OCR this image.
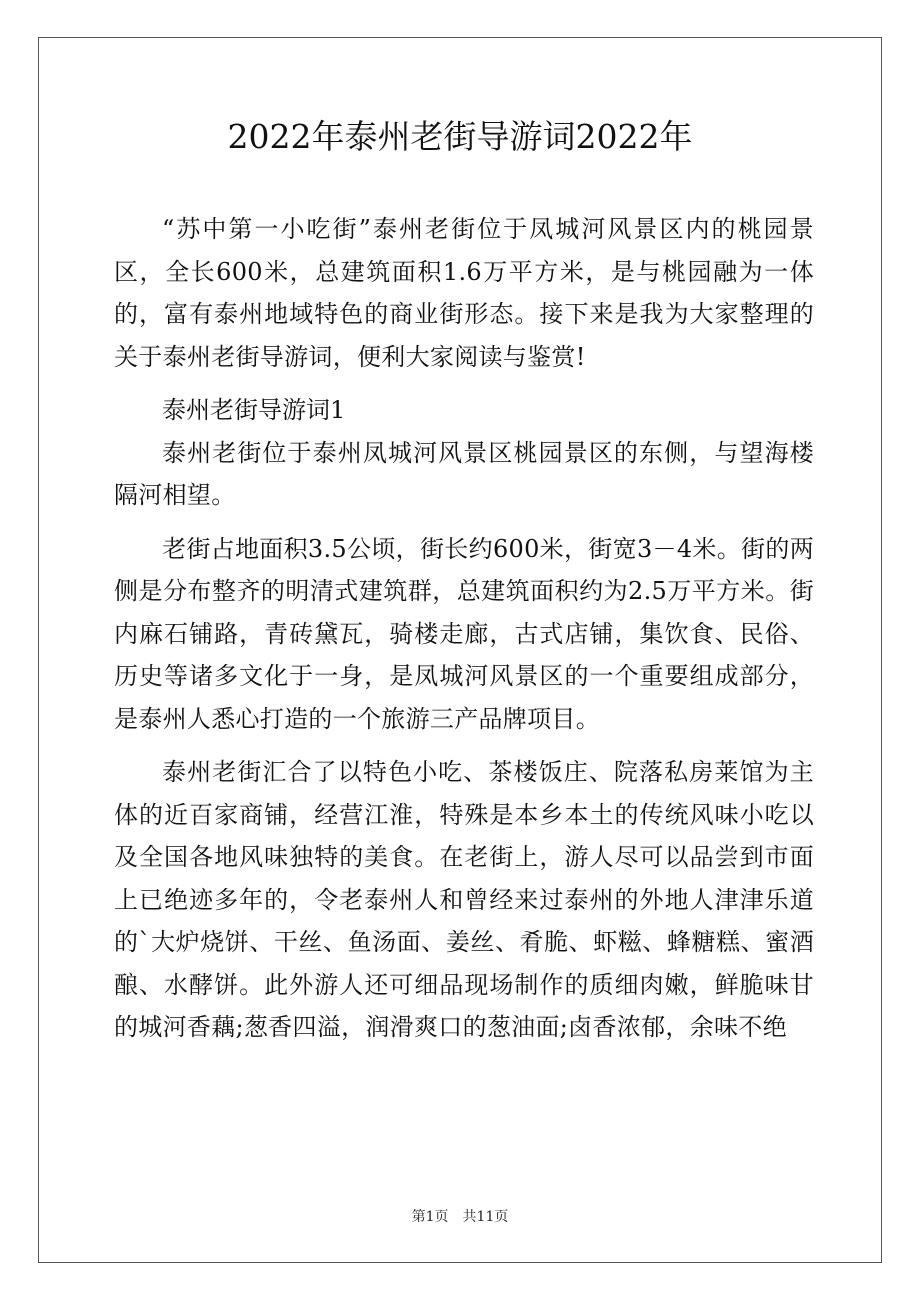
2022年泰州老街导游词2022年

“苏中第一小吃街”泰州老街位于凤城河风景区内的桃园景区，全长600米，总建筑面积1.6万平方米，是与桃园融为一体的，富有泰州地域特色的商业街形态。接下来是我为大家整理的关于泰州老街导游词，便利大家阅读与鉴赏!

泰州老街导游词1

泰州老街位于泰州凤城河风景区桃园景区的东侧，与望海楼隔河相望。

老街占地面积3.5公顷，街长约600米，街宽3－4米。街的两侧是分布整齐的明清式建筑群，总建筑面积约为2.5万平方米。街内麻石铺路，青砖黛瓦，骑楼走廊，古式店铺，集饮食、民俗、历史等诸多文化于一身，是凤城河风景区的一个重要组成部分，是泰州人悉心打造的一个旅游三产品牌项目。

泰州老街汇合了以特色小吃、茶楼饭庄、院落私房莱馆为主体的近百家商铺，经营江淮，特殊是本乡本土的传统风味小吃以及全国各地风味独特的美食。在老街上，游人尽可以品尝到市面上已绝迹多年的，令老泰州人和曾经来过泰州的外地人津津乐道的`大炉烧饼、干丝、鱼汤面、姜丝、肴脆、虾糍、蜂糖糕、蜜酒酿、水酵饼。此外游人还可细品现场制作的质细肉嫩，鲜脆味甘的城河香藕;葱香四溢，润滑爽口的葱油面;卤香浓郁，余味不绝

第1页 共11页
